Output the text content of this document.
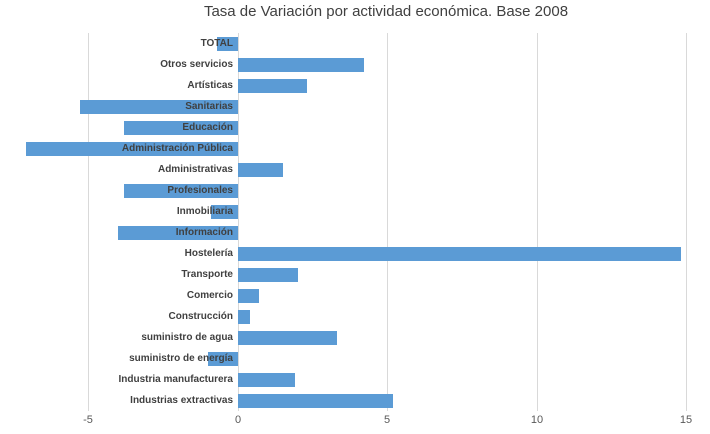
Tasa de Variación por actividad económica. Base 2008
-5	0	5	10	15
TOTAL
Otros servicios
Artísticas
Sanitarias
Educación
Administración Pública
Administrativas
Profesionales
Inmobiliaria
Información
Hostelería
Transporte
Comercio
Construcción
suministro de agua
suministro de energía
Industria manufacturera
Industrias extractivas
